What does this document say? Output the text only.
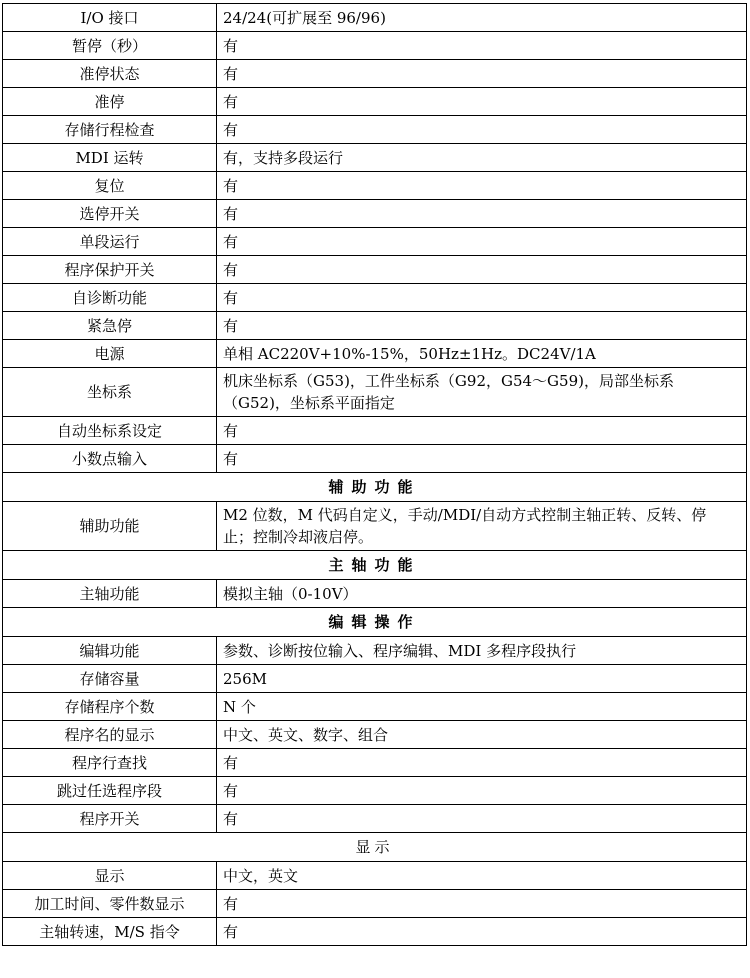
I/O 接口	24/24(可扩展至 96/96)
暂停（秒）	有
准停状态	有
准停	有
存储行程检查	有
MDI 运转	有，支持多段运行
复位	有
选停开关	有
单段运行	有
程序保护开关	有
自诊断功能	有
紧急停	有
电源	单相 AC220V+10%-15%，50Hz±1Hz。DC24V/1A
坐标系	机床坐标系（G53)，工件坐标系（G92，G54～G59)，局部坐标系（G52)，坐标系平面指定
自动坐标系设定	有
小数点输入	有
辅助功能	
辅助功能	M2 位数，M 代码自定义，手动/MDI/自动方式控制主轴正转、反转、停 止；控制冷却液启停。
主轴功能	
主轴功能	模拟主轴（0-10V）
编辑操作	
编辑功能	参数、诊断按位输入、程序编辑、MDI 多程序段执行
存储容量	256M
存储程序个数	N 个
程序名的显示	中文、英文、数字、组合
程序行查找	有
跳过任选程序段	有
程序开关	有
显示	
显示	中文，英文
加工时间、零件数显示	有
主轴转速，M/S 指令	有
